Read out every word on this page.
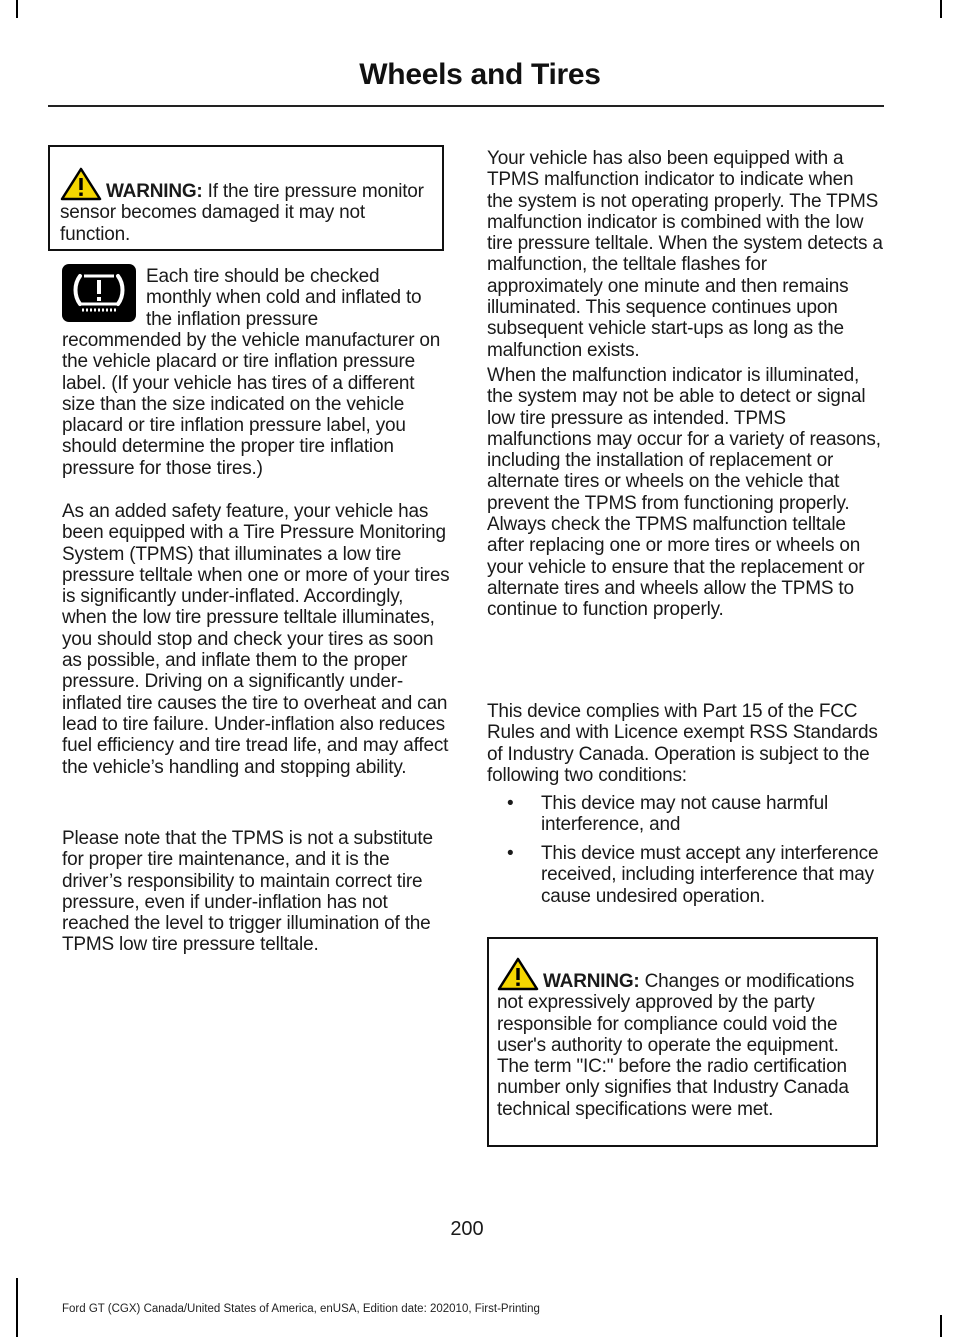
Wheels and Tires

WARNING: If the tire pressure monitor sensor becomes damaged it may not function.

Each tire should be checked monthly when cold and inflated to the inflation pressure

recommended by the vehicle manufacturer on the vehicle placard or tire inflation pressure label. (If your vehicle has tires of a different size than the size indicated on the vehicle placard or tire inflation pressure label, you should determine the proper tire inflation pressure for those tires.)

As an added safety feature, your vehicle has been equipped with a Tire Pressure Monitoring System (TPMS) that illuminates a low tire pressure telltale when one or more of your tires is significantly under-inflated. Accordingly, when the low tire pressure telltale illuminates, you should stop and check your tires as soon as possible, and inflate them to the proper pressure. Driving on a significantly under-inflated tire causes the tire to overheat and can lead to tire failure. Under-inflation also reduces fuel efficiency and tire tread life, and may affect the vehicle’s handling and stopping ability.

Please note that the TPMS is not a substitute for proper tire maintenance, and it is the driver’s responsibility to maintain correct tire pressure, even if under-inflation has not reached the level to trigger illumination of the TPMS low tire pressure telltale.

Your vehicle has also been equipped with a TPMS malfunction indicator to indicate when the system is not operating properly. The TPMS malfunction indicator is combined with the low tire pressure telltale. When the system detects a malfunction, the telltale flashes for approximately one minute and then remains illuminated. This sequence continues upon subsequent vehicle start-ups as long as the malfunction exists.

When the malfunction indicator is illuminated, the system may not be able to detect or signal low tire pressure as intended. TPMS malfunctions may occur for a variety of reasons, including the installation of replacement or alternate tires or wheels on the vehicle that prevent the TPMS from functioning properly. Always check the TPMS malfunction telltale after replacing one or more tires or wheels on your vehicle to ensure that the replacement or alternate tires and wheels allow the TPMS to continue to function properly.

This device complies with Part 15 of the FCC Rules and with Licence exempt RSS Standards of Industry Canada. Operation is subject to the following two conditions:

• This device may not cause harmful interference, and
• This device must accept any interference received, including interference that may cause undesired operation.

WARNING: Changes or modifications not expressively approved by the party responsible for compliance could void the user's authority to operate the equipment. The term "IC:" before the radio certification number only signifies that Industry Canada technical specifications were met.

200
Ford GT (CGX) Canada/United States of America, enUSA, Edition date: 202010, First-Printing
